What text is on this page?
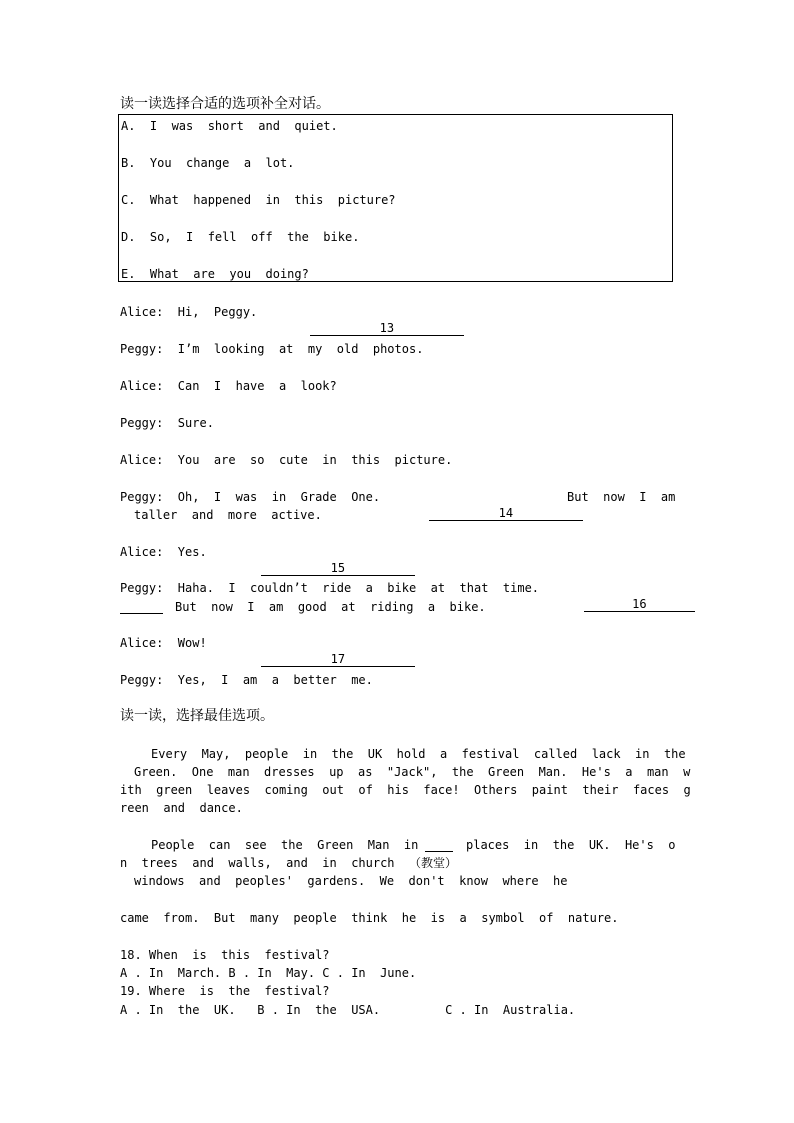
读一读选择合适的选项补全对话。
A.  I  was  short  and  quiet.
B.  You  change  a  lot.
C.  What  happened  in  this  picture?
D.  So,  I  fell  off  the  bike.
E.  What  are  you  doing?
Alice:  Hi,  Peggy.

13

Peggy:  I’m  looking  at  my  old  photos.
Alice:  Can  I  have  a  look?
Peggy:  Sure.
Alice:  You  are  so  cute  in  this  picture.
Peggy:  Oh,  I  was  in  Grade  One.

14

But  now  I  am
taller  and  more  active.
Alice:  Yes.

15

Peggy:  Haha.  I  couldn’t  ride  a  bike  at  that  time.

16

But  now  I  am  good  at  riding  a  bike.
Alice:  Wow!

17

Peggy:  Yes,  I  am  a  better  me.
读一读，选择最佳选项。
Every  May,  people  in  the  UK  hold  a  festival  called  lack  in  the
Green.  One  man  dresses  up  as  "Jack",  the  Green  Man.  He's  a  man  w
ith  green  leaves  coming  out  of  his  face!  Others  paint  their  faces  g
reen  and  dance.
People  can  see  the  Green  Man  in	places  in  the  UK.  He's  o
n  trees  and  walls,  and  in  church  （教堂）
windows  and  peoples'  gardens.  We  don't  know  where  he
came  from.  But  many  people  think  he  is  a  symbol  of  nature.
18. When  is  this  festival?
A . In  March. B . In  May. C . In  June.
19. Where  is  the  festival?
A . In  the  UK.   B . In  the  USA.         C . In  Australia.
